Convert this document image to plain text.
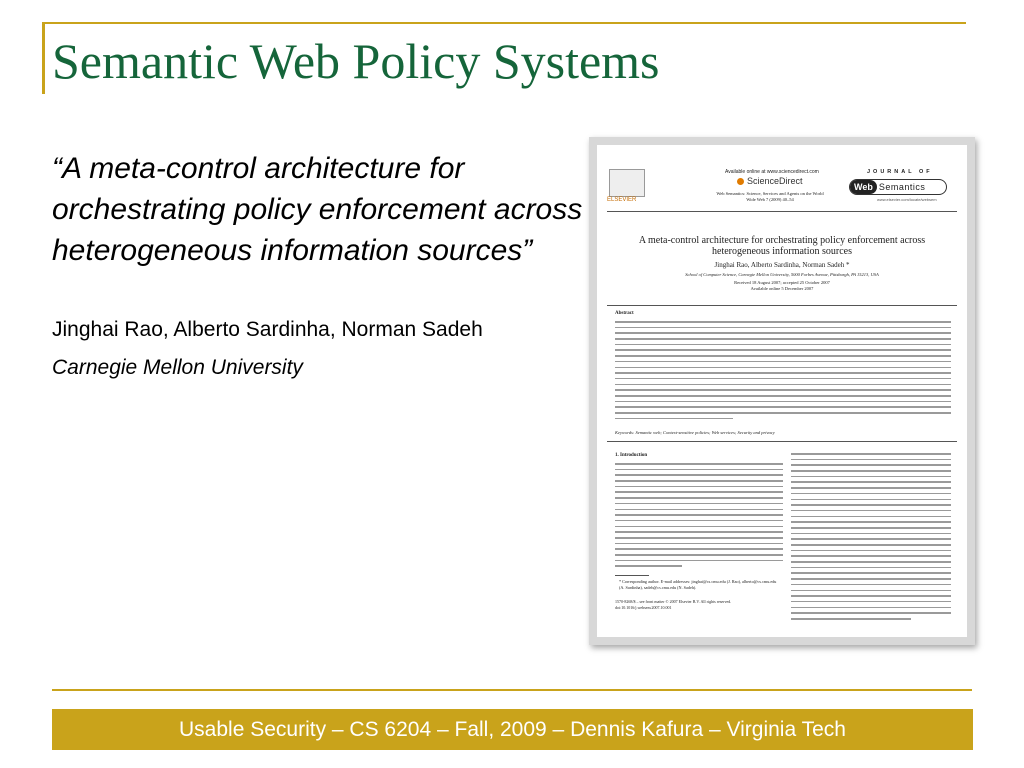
Semantic Web Policy Systems

“A meta-control architecture for orchestrating policy enforcement across heterogeneous information sources”

Jinghai Rao, Alberto Sardinha, Norman Sadeh

Carnegie Mellon University

ELSEVIER
Available online at www.sciencedirect.com
ScienceDirect
Web Semantics: Science, Services and Agents on the World Wide Web 7 (2009) 40–54
JOURNAL OF
Web Semantics
www.elsevier.com/locate/websem
A meta-control architecture for orchestrating policy enforcement across heterogeneous information sources
Jinghai Rao, Alberto Sardinha, Norman Sadeh *
School of Computer Science, Carnegie Mellon University, 5000 Forbes Avenue, Pittsburgh, PA 15213, USA
Received 18 August 2007; accepted 25 October 2007
Available online 5 December 2007
Abstract
Keywords: Semantic web; Context-sensitive policies; Web services; Security and privacy
1. Introduction
* Corresponding author. E-mail addresses: jinghai@cs.cmu.edu (J. Rao), alberto@cs.cmu.edu (A. Sardinha), sadeh@cs.cmu.edu (N. Sadeh).
1570-8268/$ – see front matter © 2007 Elsevier B.V. All rights reserved. doi:10.1016/j.websem.2007.10.001
Usable Security – CS 6204 – Fall, 2009 – Dennis Kafura – Virginia Tech
